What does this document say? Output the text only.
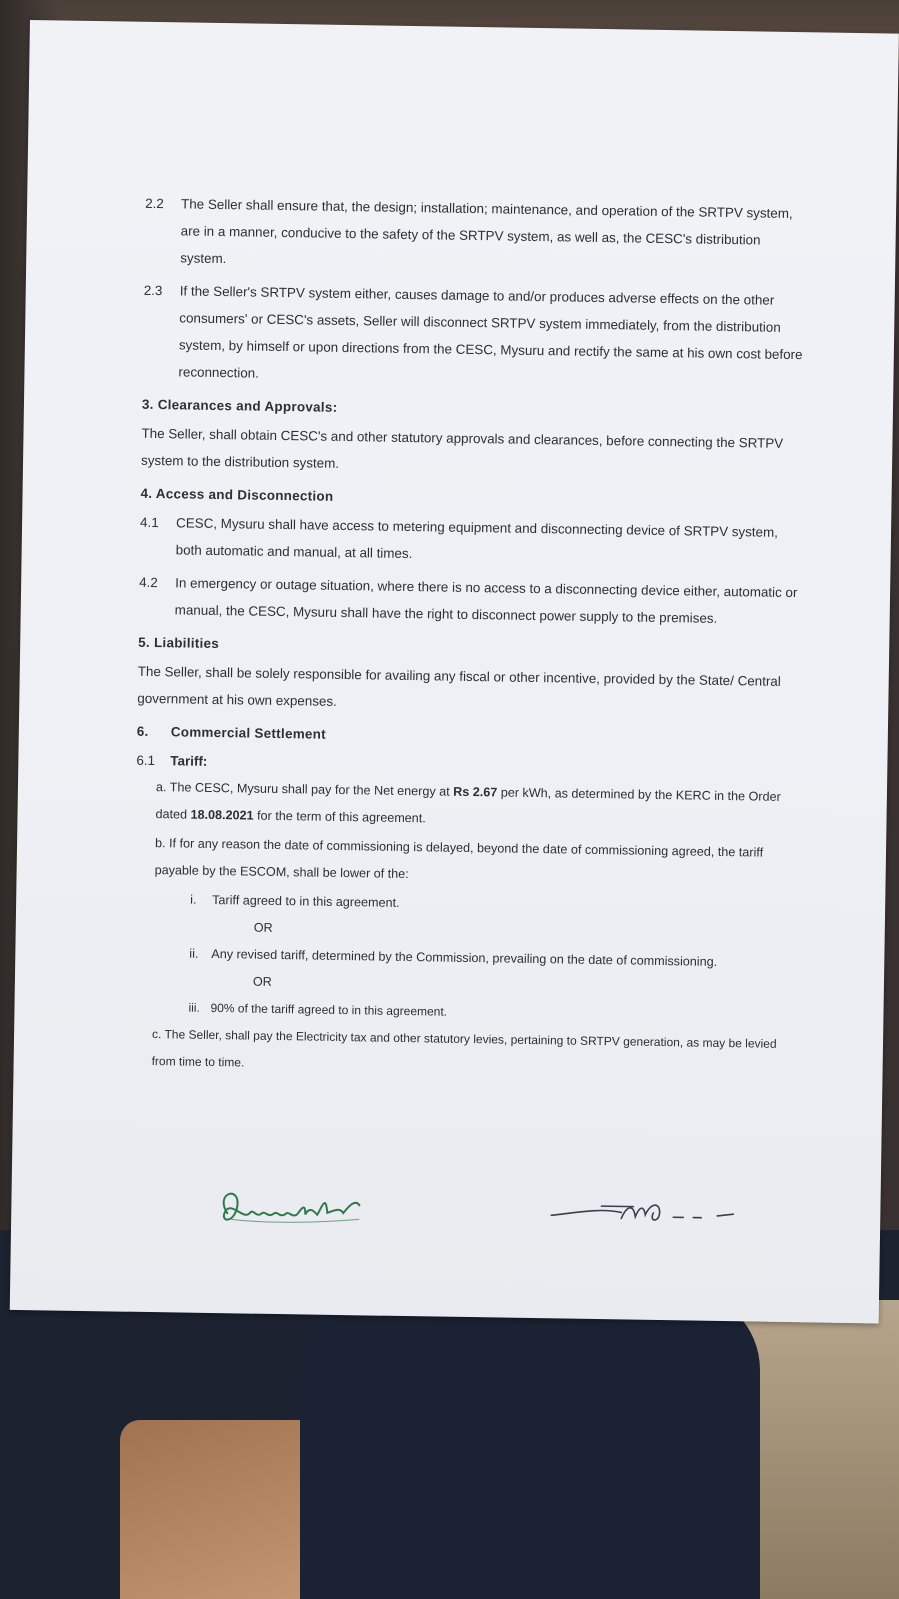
2.2 The Seller shall ensure that, the design; installation; maintenance, and operation of the SRTPV system, are in a manner, conducive to the safety of the SRTPV system, as well as, the CESC's distribution system.
2.3 If the Seller's SRTPV system either, causes damage to and/or produces adverse effects on the other consumers' or CESC's assets, Seller will disconnect SRTPV system immediately, from the distribution system, by himself or upon directions from the CESC, Mysuru and rectify the same at his own cost before reconnection.
3. Clearances and Approvals:
The Seller, shall obtain CESC's and other statutory approvals and clearances, before connecting the SRTPV system to the distribution system.
4. Access and Disconnection
4.1 CESC, Mysuru shall have access to metering equipment and disconnecting device of SRTPV system, both automatic and manual, at all times.
4.2 In emergency or outage situation, where there is no access to a disconnecting device either, automatic or manual, the CESC, Mysuru shall have the right to disconnect power supply to the premises.
5. Liabilities
The Seller, shall be solely responsible for availing any fiscal or other incentive, provided by the State/ Central government at his own expenses.
6. Commercial Settlement
6.1 Tariff:
a. The CESC, Mysuru shall pay for the Net energy at Rs 2.67 per kWh, as determined by the KERC in the Order dated 18.08.2021 for the term of this agreement.
b. If for any reason the date of commissioning is delayed, beyond the date of commissioning agreed, the tariff payable by the ESCOM, shall be lower of the:
i. Tariff agreed to in this agreement.
OR
ii. Any revised tariff, determined by the Commission, prevailing on the date of commissioning.
OR
iii. 90% of the tariff agreed to in this agreement.
c. The Seller, shall pay the Electricity tax and other statutory levies, pertaining to SRTPV generation, as may be levied from time to time.
